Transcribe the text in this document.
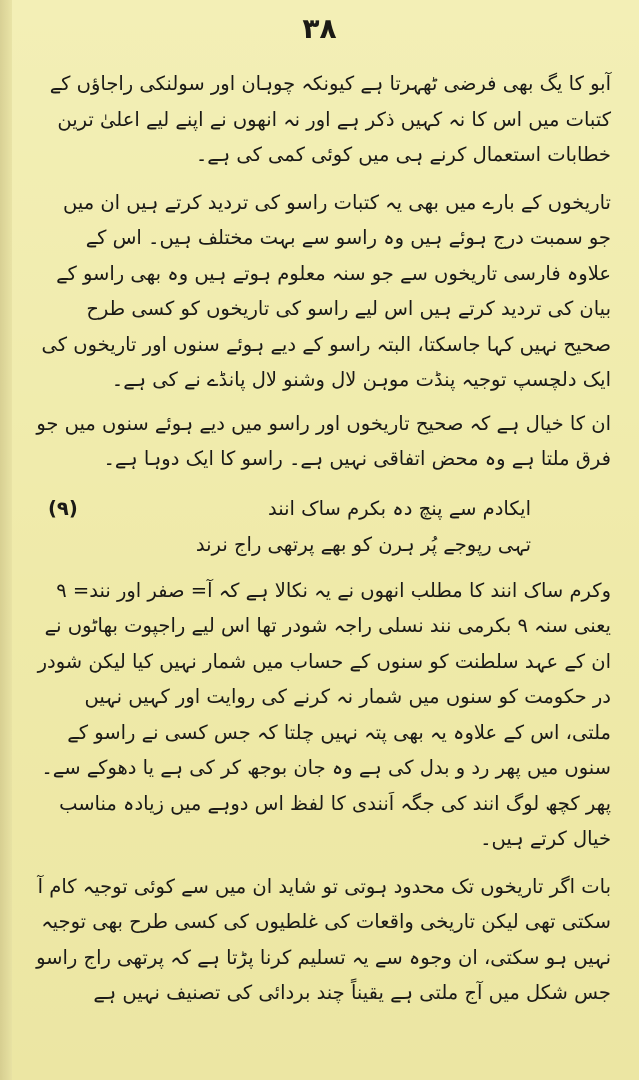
۳۸

آبو کا یگ بھی فرضی ٹھہرتا ہے کیونکہ چوہان اور سولنکی راجاؤں کے کتبات میں اس کا نہ کہیں ذکر ہے اور نہ انھوں نے اپنے لیے اعلیٰ ترین خطابات استعمال کرنے ہی میں کوئی کمی کی ہے۔

تاریخوں کے بارے میں بھی یہ کتبات راسو کی تردید کرتے ہیں ان میں جو سمبت درج ہوئے ہیں وہ راسو سے بہت مختلف ہیں۔ اس کے علاوہ فارسی تاریخوں سے جو سنہ معلوم ہوتے ہیں وہ بھی راسو کے بیان کی تردید کرتے ہیں اس لیے راسو کی تاریخوں کو کسی طرح صحیح نہیں کہا جاسکتا، البتہ راسو کے دیے ہوئے سنوں اور تاریخوں کی ایک دلچسپ توجیہ پنڈت موہن لال وشنو لال پانڈے نے کی ہے۔

ان کا خیال ہے کہ صحیح تاریخوں اور راسو میں دیے ہوئے سنوں میں جو فرق ملتا ہے وہ محض اتفاقی نہیں ہے۔ راسو کا ایک دوہا ہے۔

(۹)	ایکادم سے پنچ دہ بکرم ساک انند
تہی رپوجے پُر ہرن کو بھے پرتھی راج نرند

وکرم ساک انند کا مطلب انھوں نے یہ نکالا ہے کہ آ= صفر اور نند= ۹ یعنی سنہ ۹ بکرمی نند نسلی راجہ شودر تھا اس لیے راجپوت بھاٹوں نے ان کے عہد سلطنت کو سنوں کے حساب میں شمار نہیں کیا لیکن شودر در حکومت کو سنوں میں شمار نہ کرنے کی روایت اور کہیں نہیں ملتی، اس کے علاوہ یہ بھی پتہ نہیں چلتا کہ جس کسی نے راسو کے سنوں میں پھر رد و بدل کی ہے وہ جان بوجھ کر کی ہے یا دھوکے سے۔ پھر کچھ لوگ انند کی جگہ اَنندی کا لفظ اس دوہے میں زیادہ مناسب خیال کرتے ہیں۔

بات اگر تاریخوں تک محدود ہوتی تو شاید ان میں سے کوئی توجیہ کام آ سکتی تھی لیکن تاریخی واقعات کی غلطیوں کی کسی طرح بھی توجیہ نہیں ہو سکتی، ان وجوہ سے یہ تسلیم کرنا پڑتا ہے کہ پرتھی راج راسو جس شکل میں آج ملتی ہے یقیناً چند بردائی کی تصنیف نہیں ہے
